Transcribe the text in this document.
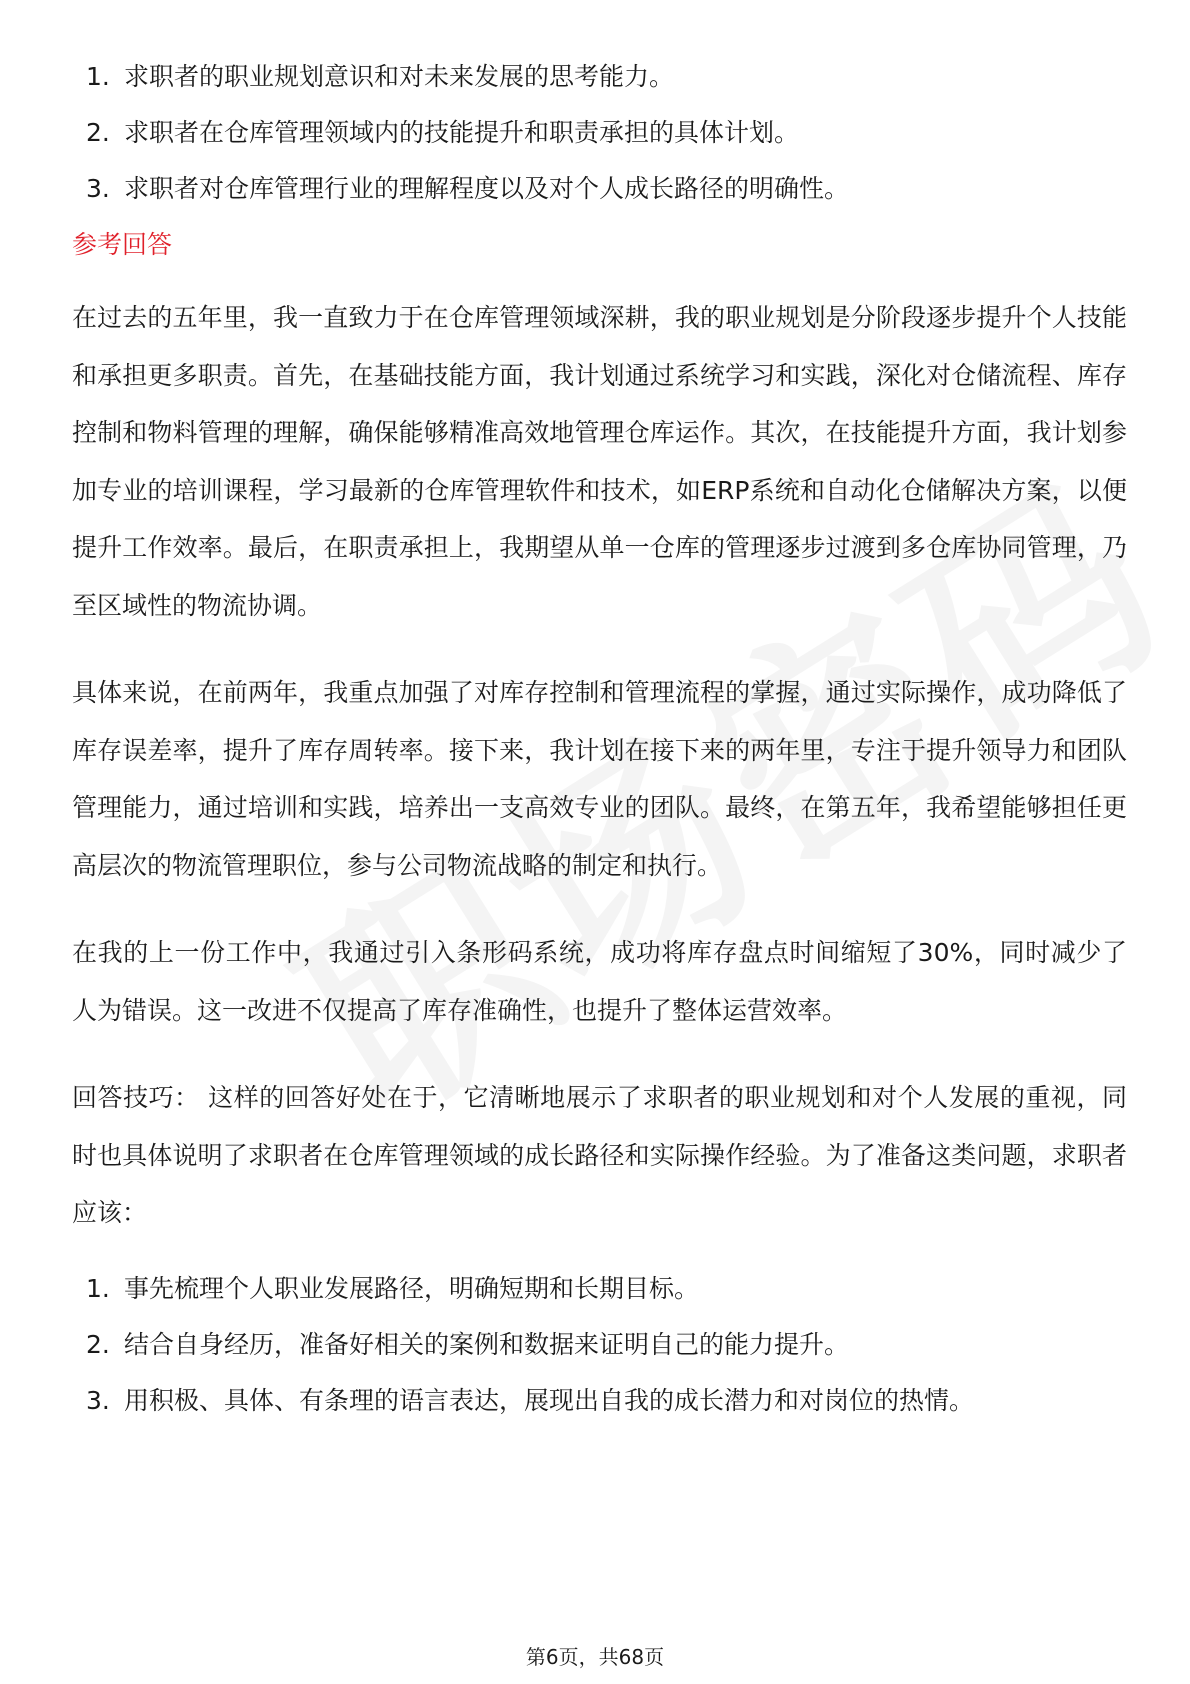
1. 求职者的职业规划意识和对未来发展的思考能力。
2. 求职者在仓库管理领域内的技能提升和职责承担的具体计划。
3. 求职者对仓库管理行业的理解程度以及对个人成长路径的明确性。
参考回答

在过去的五年里，我一直致力于在仓库管理领域深耕，我的职业规划是分阶段逐步提升个人技能和承担更多职责。首先，在基础技能方面，我计划通过系统学习和实践，深化对仓储流程、库存控制和物料管理的理解，确保能够精准高效地管理仓库运作。其次，在技能提升方面，我计划参加专业的培训课程，学习最新的仓库管理软件和技术，如ERP系统和自动化仓储解决方案，以便提升工作效率。最后，在职责承担上，我期望从单一仓库的管理逐步过渡到多仓库协同管理，乃至区域性的物流协调。

具体来说，在前两年，我重点加强了对库存控制和管理流程的掌握，通过实际操作，成功降低了库存误差率，提升了库存周转率。接下来，我计划在接下来的两年里，专注于提升领导力和团队管理能力，通过培训和实践，培养出一支高效专业的团队。最终，在第五年，我希望能够担任更高层次的物流管理职位，参与公司物流战略的制定和执行。

在我的上一份工作中，我通过引入条形码系统，成功将库存盘点时间缩短了30%，同时减少了人为错误。这一改进不仅提高了库存准确性，也提升了整体运营效率。

回答技巧： 这样的回答好处在于，它清晰地展示了求职者的职业规划和对个人发展的重视，同时也具体说明了求职者在仓库管理领域的成长路径和实际操作经验。为了准备这类问题，求职者应该：

1. 事先梳理个人职业发展路径，明确短期和长期目标。
2. 结合自身经历，准备好相关的案例和数据来证明自己的能力提升。
3. 用积极、具体、有条理的语言表达，展现出自我的成长潜力和对岗位的热情。
第6页，共68页
